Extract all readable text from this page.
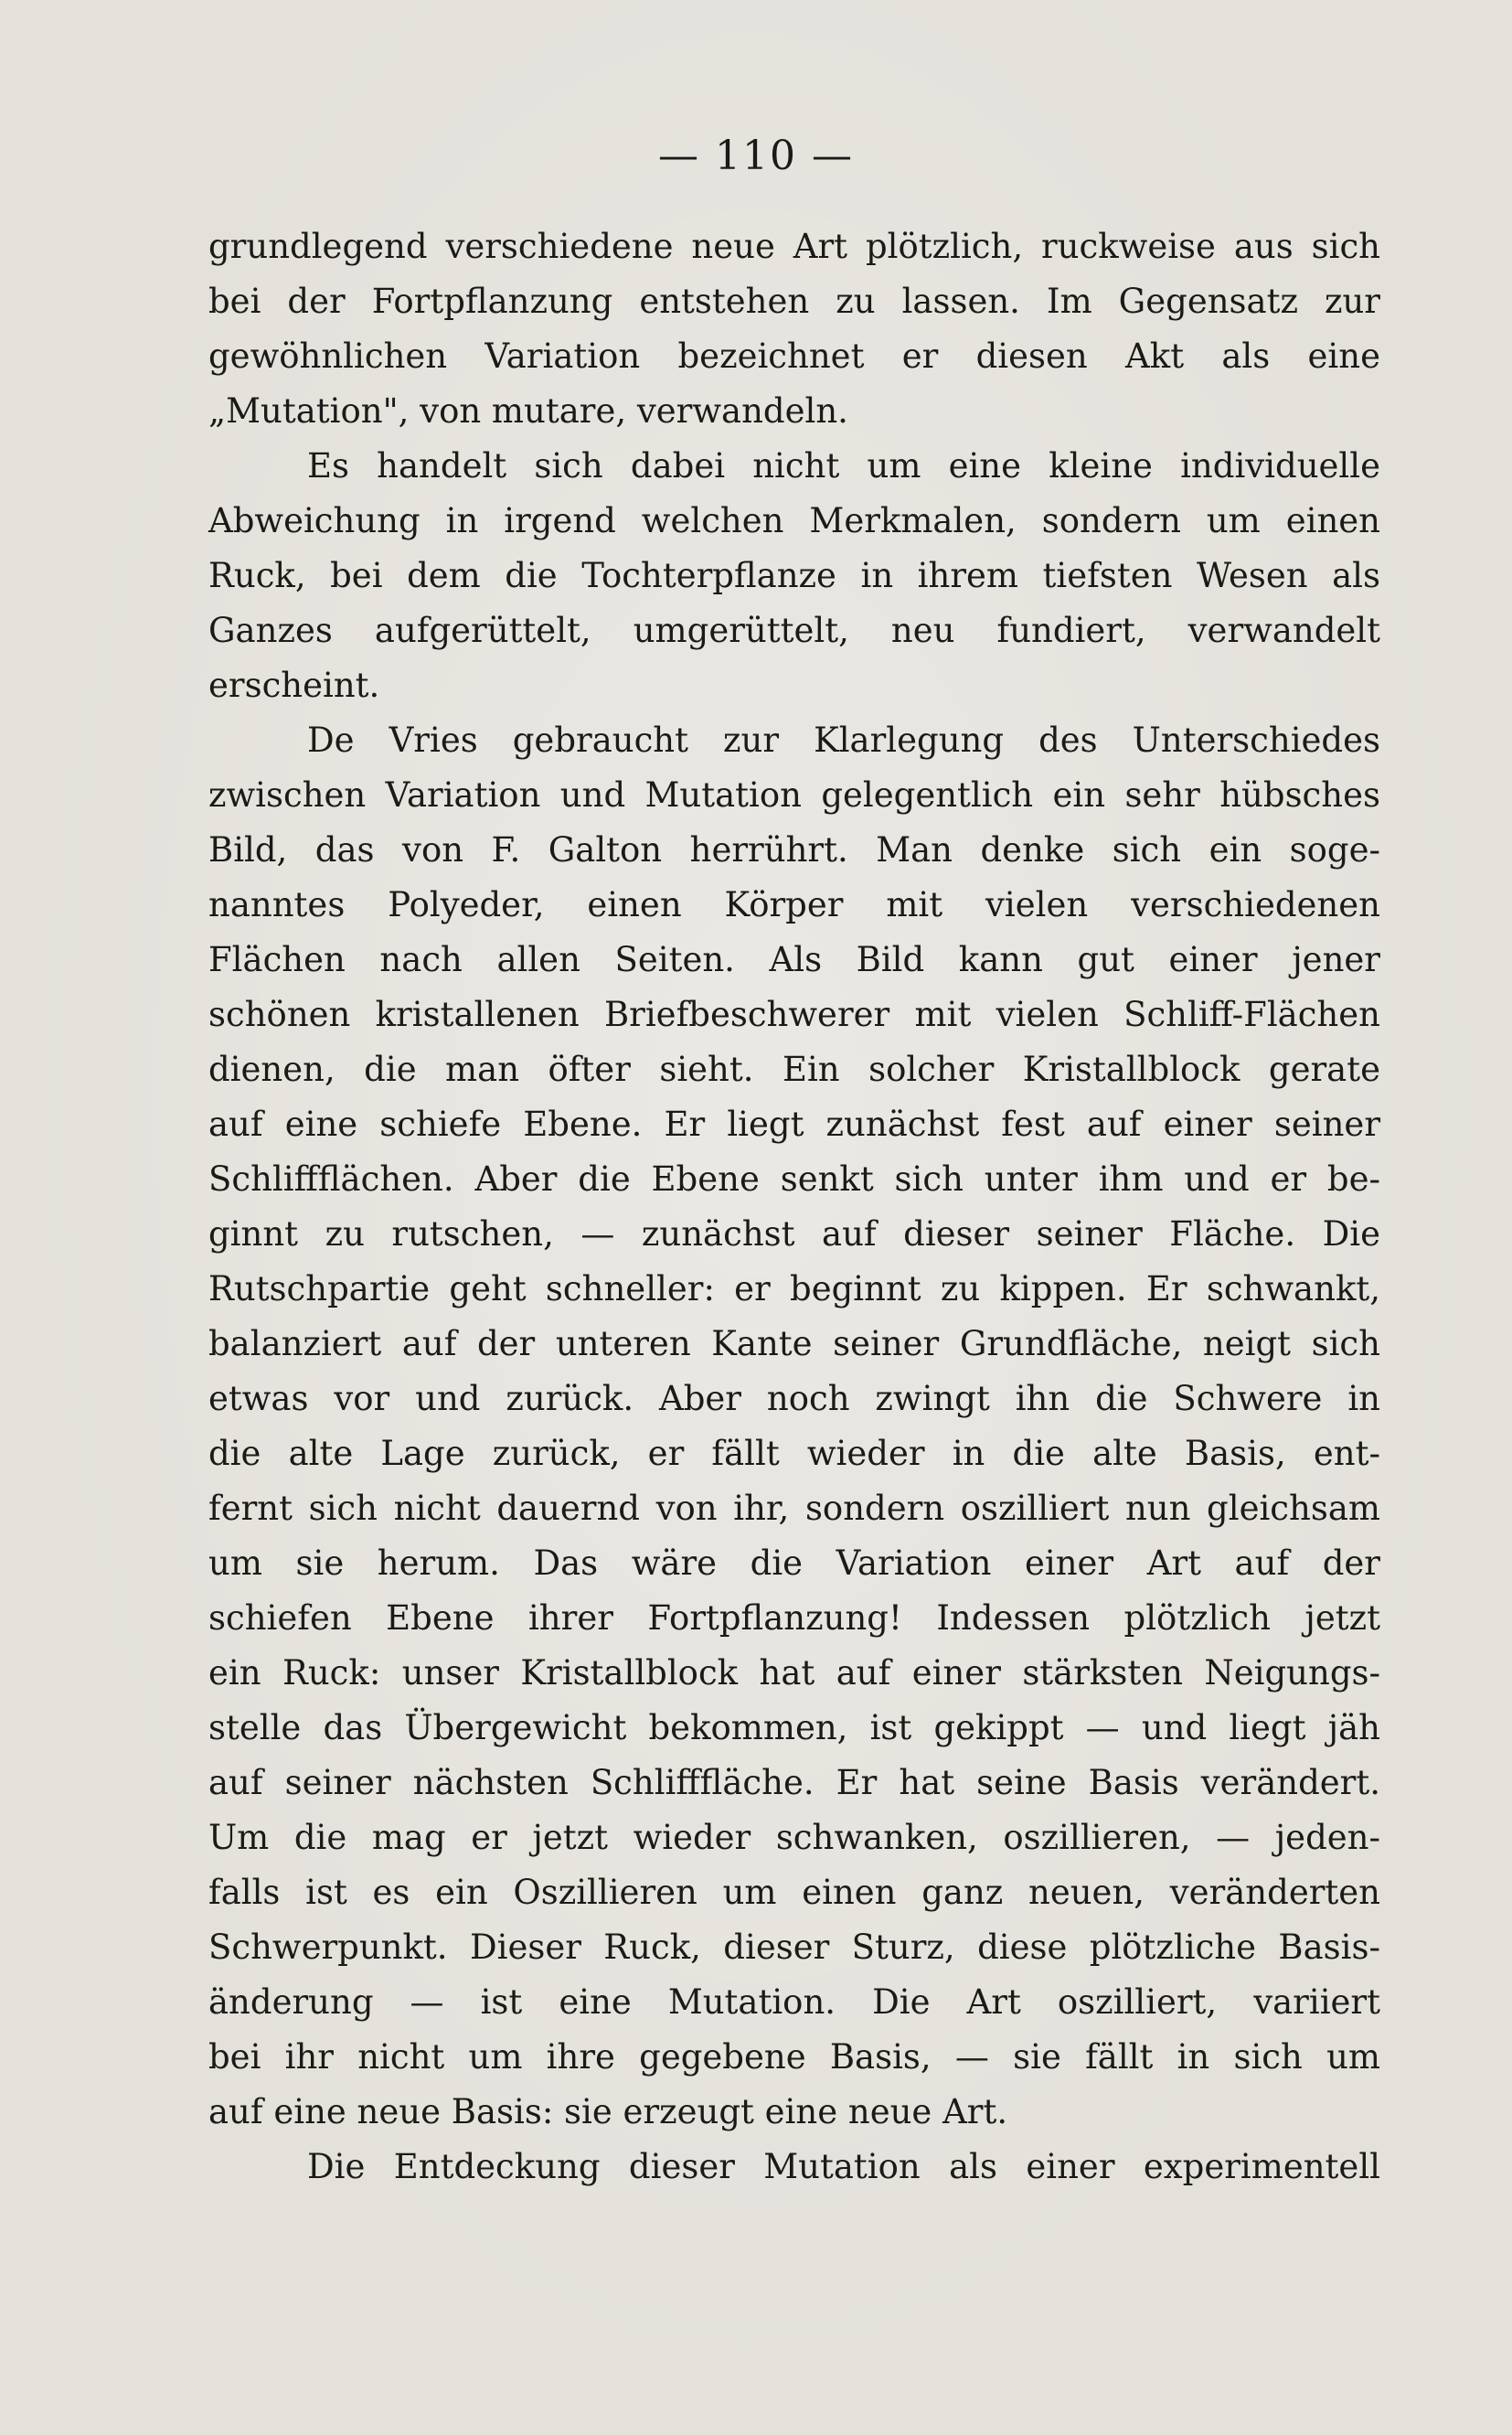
— 110 —
grundlegend verschiedene neue Art plötzlich, ruckweise aus sich
bei der Fortpflanzung entstehen zu lassen. Im Gegensatz zur
gewöhnlichen Variation bezeichnet er diesen Akt als eine
„Mutation", von mutare, verwandeln.
Es handelt sich dabei nicht um eine kleine individuelle
Abweichung in irgend welchen Merkmalen, sondern um einen
Ruck, bei dem die Tochterpflanze in ihrem tiefsten Wesen als
Ganzes aufgerüttelt, umgerüttelt, neu fundiert, verwandelt
erscheint.
De Vries gebraucht zur Klarlegung des Unterschiedes
zwischen Variation und Mutation gelegentlich ein sehr hübsches
Bild, das von F. Galton herrührt. Man denke sich ein soge-
nanntes Polyeder, einen Körper mit vielen verschiedenen
Flächen nach allen Seiten. Als Bild kann gut einer jener
schönen kristallenen Briefbeschwerer mit vielen Schliff-Flächen
dienen, die man öfter sieht. Ein solcher Kristallblock gerate
auf eine schiefe Ebene. Er liegt zunächst fest auf einer seiner
Schliffflächen. Aber die Ebene senkt sich unter ihm und er be-
ginnt zu rutschen, — zunächst auf dieser seiner Fläche. Die
Rutschpartie geht schneller: er beginnt zu kippen. Er schwankt,
balanziert auf der unteren Kante seiner Grundfläche, neigt sich
etwas vor und zurück. Aber noch zwingt ihn die Schwere in
die alte Lage zurück, er fällt wieder in die alte Basis, ent-
fernt sich nicht dauernd von ihr, sondern oszilliert nun gleichsam
um sie herum. Das wäre die Variation einer Art auf der
schiefen Ebene ihrer Fortpflanzung! Indessen plötzlich jetzt
ein Ruck: unser Kristallblock hat auf einer stärksten Neigungs-
stelle das Übergewicht bekommen, ist gekippt — und liegt jäh
auf seiner nächsten Schlifffläche. Er hat seine Basis verändert.
Um die mag er jetzt wieder schwanken, oszillieren, — jeden-
falls ist es ein Oszillieren um einen ganz neuen, veränderten
Schwerpunkt. Dieser Ruck, dieser Sturz, diese plötzliche Basis-
änderung — ist eine Mutation. Die Art oszilliert, variiert
bei ihr nicht um ihre gegebene Basis, — sie fällt in sich um
auf eine neue Basis: sie erzeugt eine neue Art.
Die Entdeckung dieser Mutation als einer experimentell
